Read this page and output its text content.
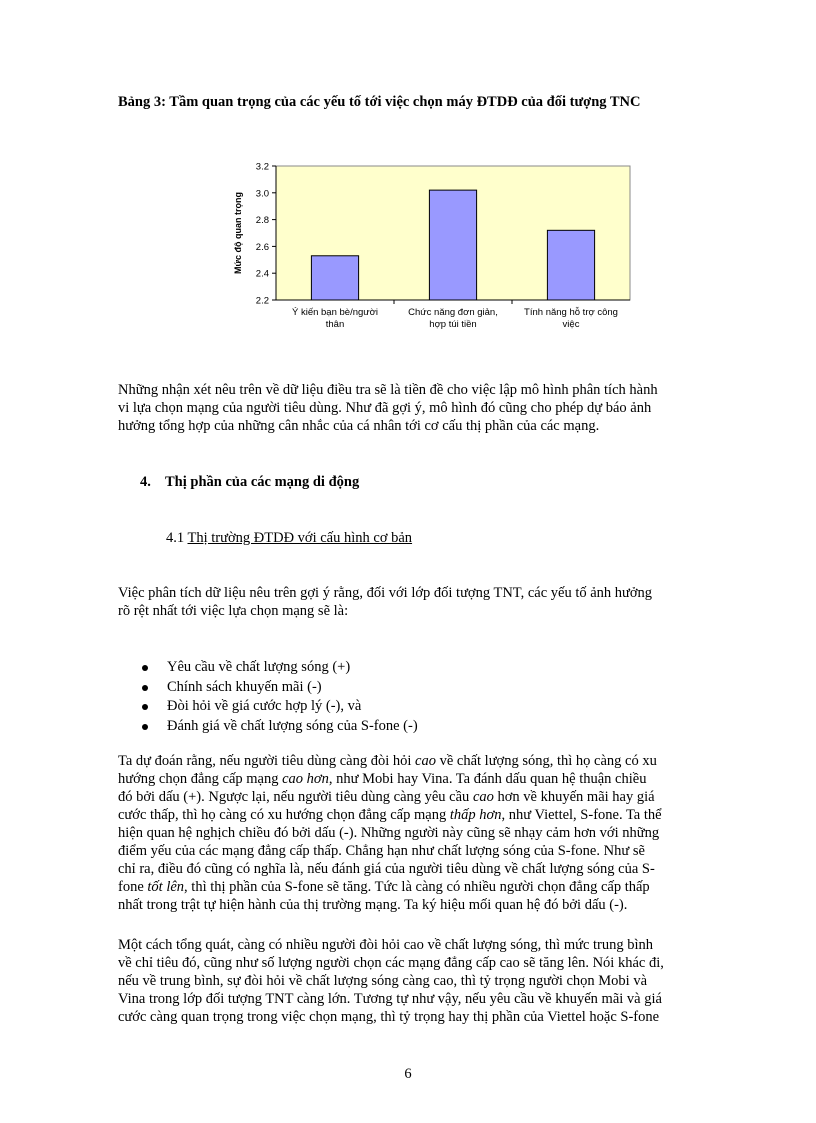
Bảng 3: Tầm quan trọng của các yếu tố tới việc chọn máy ĐTDĐ của đối tượng TNC
2.2
2.4
2.6
2.8
3.0
3.2
Ý kiến bạn bè/người
thân
Chức năng đơn giản,
hợp túi tiền
Tính năng hỗ trợ công
việc
Mức độ quan trọng

Những nhận xét nêu trên về dữ liệu điều tra sẽ là tiền đề cho việc lập mô hình phân tích hành
vi lựa chọn mạng của người tiêu dùng. Như đã gợi ý, mô hình đó cũng cho phép dự báo ảnh
hưởng tổng hợp của những cân nhắc của cá nhân tới cơ cấu thị phần của các mạng.

4. Thị phần của các mạng di động
4.1 Thị trường ĐTDĐ với cấu hình cơ bản

Việc phân tích dữ liệu nêu trên gợi ý rằng, đối với lớp đối tượng TNT, các yếu tố ảnh hưởng
rõ rệt nhất tới việc lựa chọn mạng sẽ là:

Yêu cầu về chất lượng sóng (+)
Chính sách khuyến mãi (-)
Đòi hỏi về giá cước hợp lý (-), và
Đánh giá về chất lượng sóng của S-fone (-)

Ta dự đoán rằng, nếu người tiêu dùng càng đòi hỏi cao về chất lượng sóng, thì họ càng có xu
hướng chọn đẳng cấp mạng cao hơn, như Mobi hay Vina. Ta đánh dấu quan hệ thuận chiều
đó bởi dấu (+). Ngược lại, nếu người tiêu dùng càng yêu cầu cao hơn về khuyến mãi hay giá
cước thấp, thì họ càng có xu hướng chọn đẳng cấp mạng thấp hơn, như Viettel, S-fone. Ta thể
hiện quan hệ nghịch chiều đó bởi dấu (-). Những người này cũng sẽ nhạy cảm hơn với những
điểm yếu của các mạng đẳng cấp thấp. Chẳng hạn như chất lượng sóng của S-fone. Như sẽ
chỉ ra, điều đó cũng có nghĩa là, nếu đánh giá của người tiêu dùng về chất lượng sóng của S-
fone tốt lên, thì thị phần của S-fone sẽ tăng. Tức là càng có nhiều người chọn đẳng cấp thấp
nhất trong trật tự hiện hành của thị trường mạng. Ta ký hiệu mối quan hệ đó bởi dấu (-).

Một cách tổng quát, càng có nhiều người đòi hỏi cao về chất lượng sóng, thì mức trung bình
về chỉ tiêu đó, cũng như số lượng người chọn các mạng đẳng cấp cao sẽ tăng lên. Nói khác đi,
nếu về trung bình, sự đòi hỏi về chất lượng sóng càng cao, thì tỷ trọng người chọn Mobi và
Vina trong lớp đối tượng TNT càng lớn. Tương tự như vậy, nếu yêu cầu về khuyến mãi và giá
cước càng quan trọng trong việc chọn mạng, thì tỷ trọng hay thị phần của Viettel hoặc S-fone

6
